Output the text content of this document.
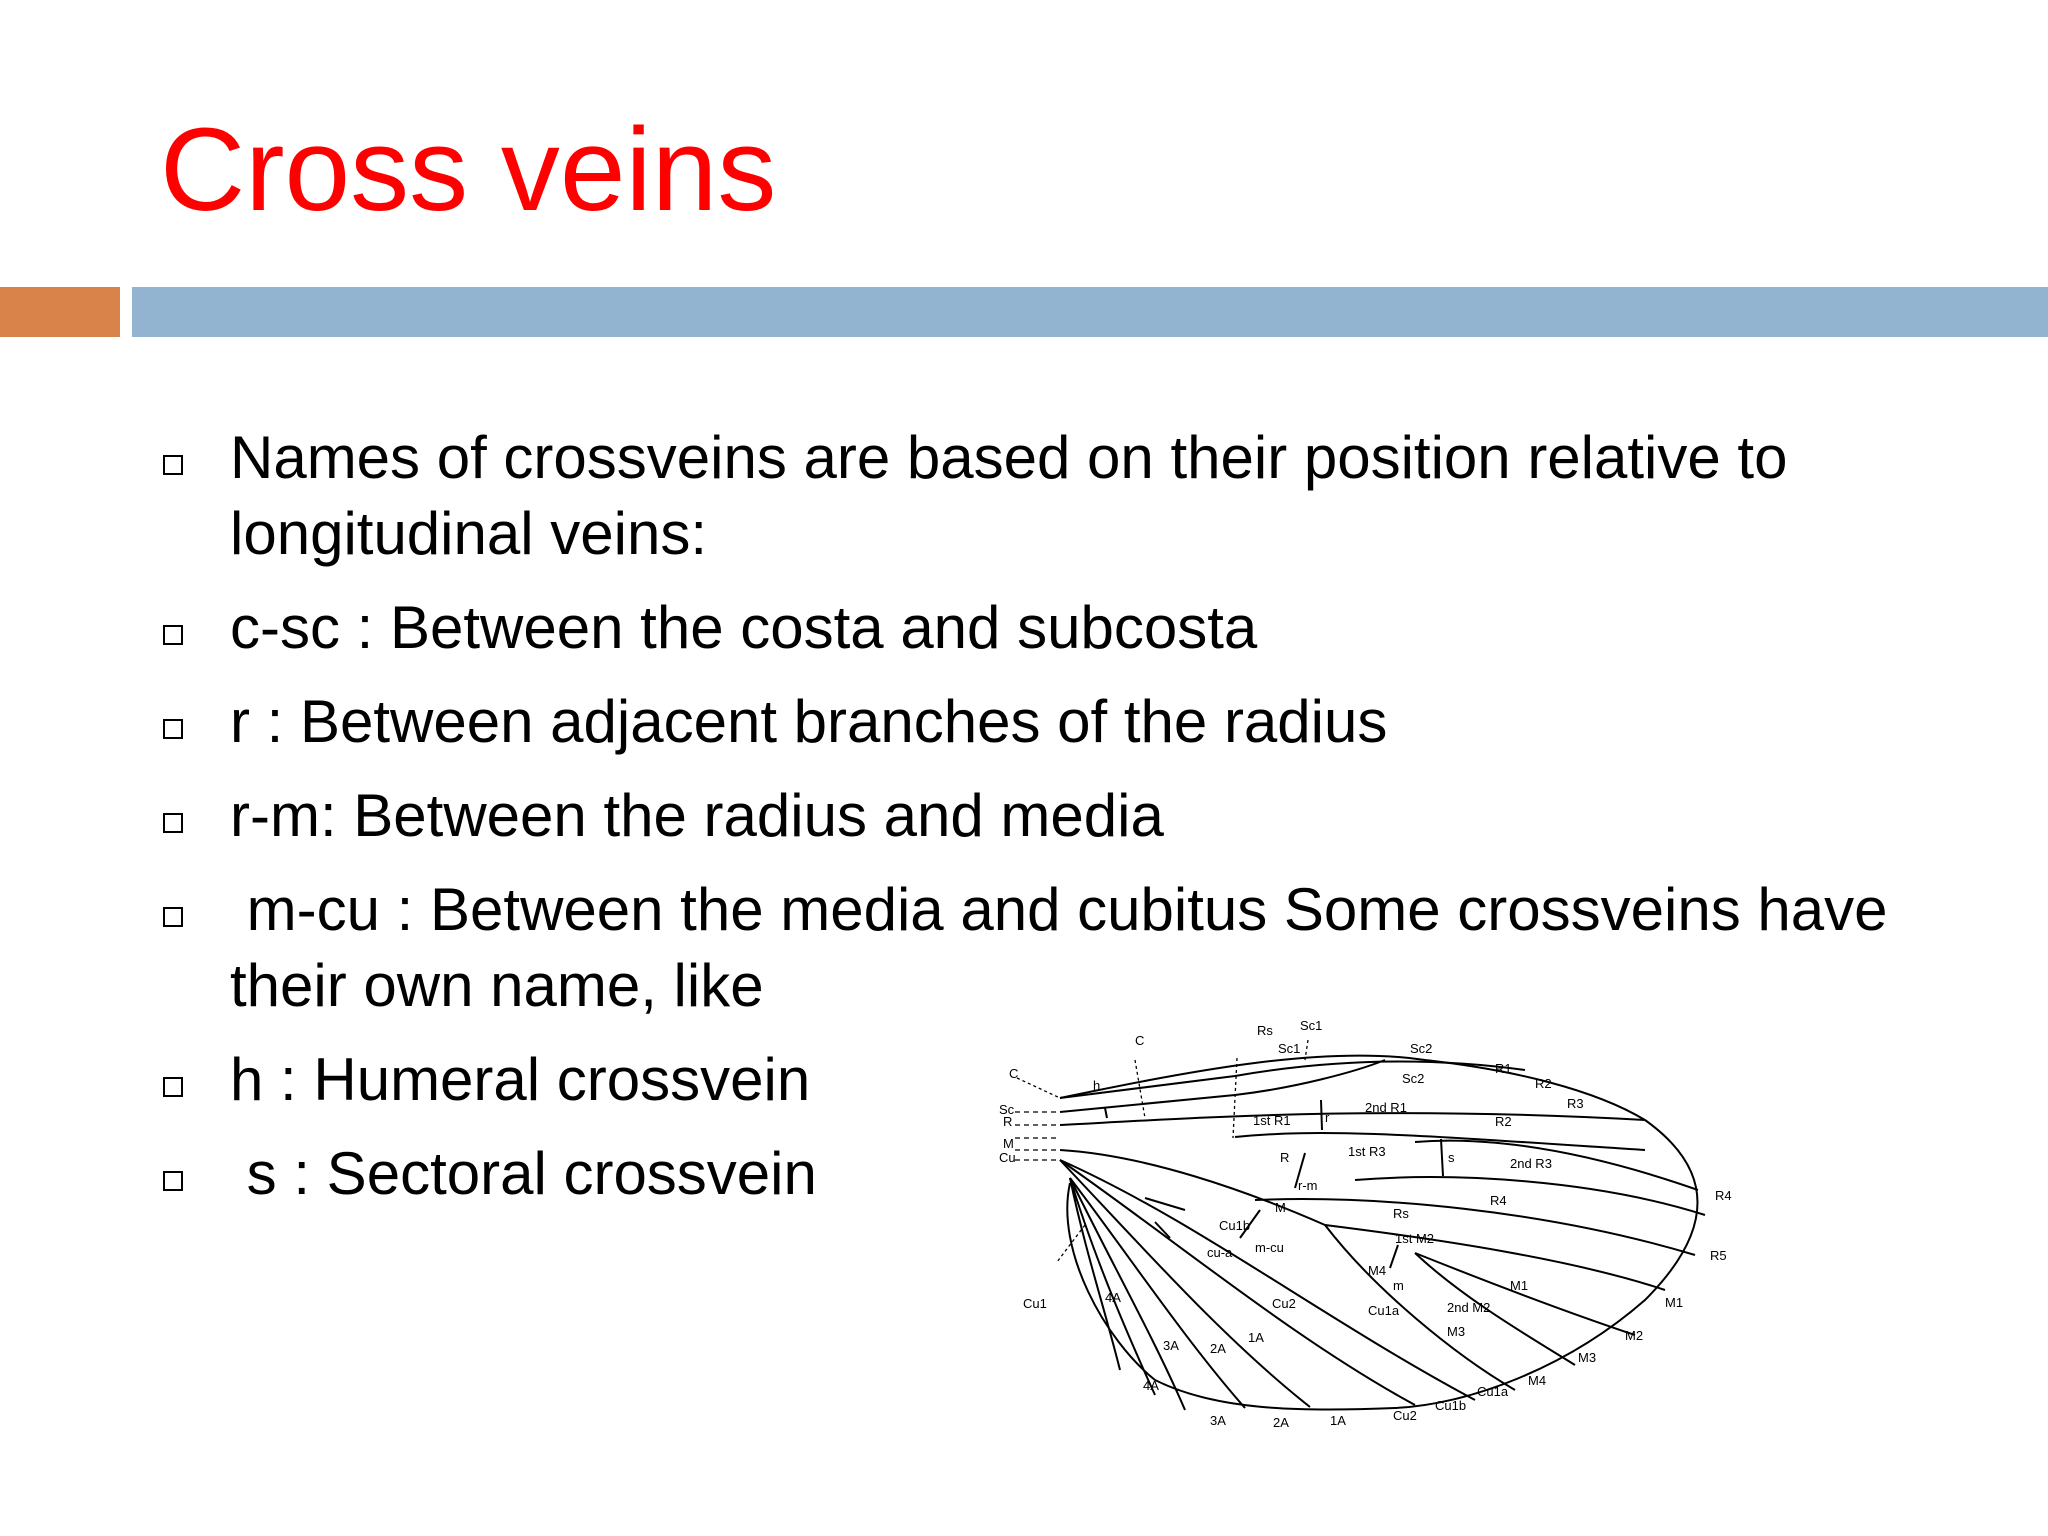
Cross veins
Names of crossveins are based on their position relative to longitudinal veins:
c-sc : Between the costa and subcosta
r : Between adjacent branches of the radius
r-m: Between the radius and media
m-cu : Between the media and cubitus Some crossveins have their own name, like
h : Humeral crossvein
s : Sectoral crossvein
C
Sc
R
M
Cu
h
C
Rs Sc1
Sc1	Sc2
Sc2
R1
R2
R2
R3
R4	R4
R5
Rs
1st R1	r
2nd R1
1st R3	s	2nd R3
R
r-m
M
1st M2
m-cu
Cu1b
cu-a
M4
Cu1a
m	M1
M1
2nd M2
M2
M3
M3
M4
Cu1a
Cu1b
Cu2
Cu2
Cu1	4A
4A
3A
3A
2A
2A
1A
1A
